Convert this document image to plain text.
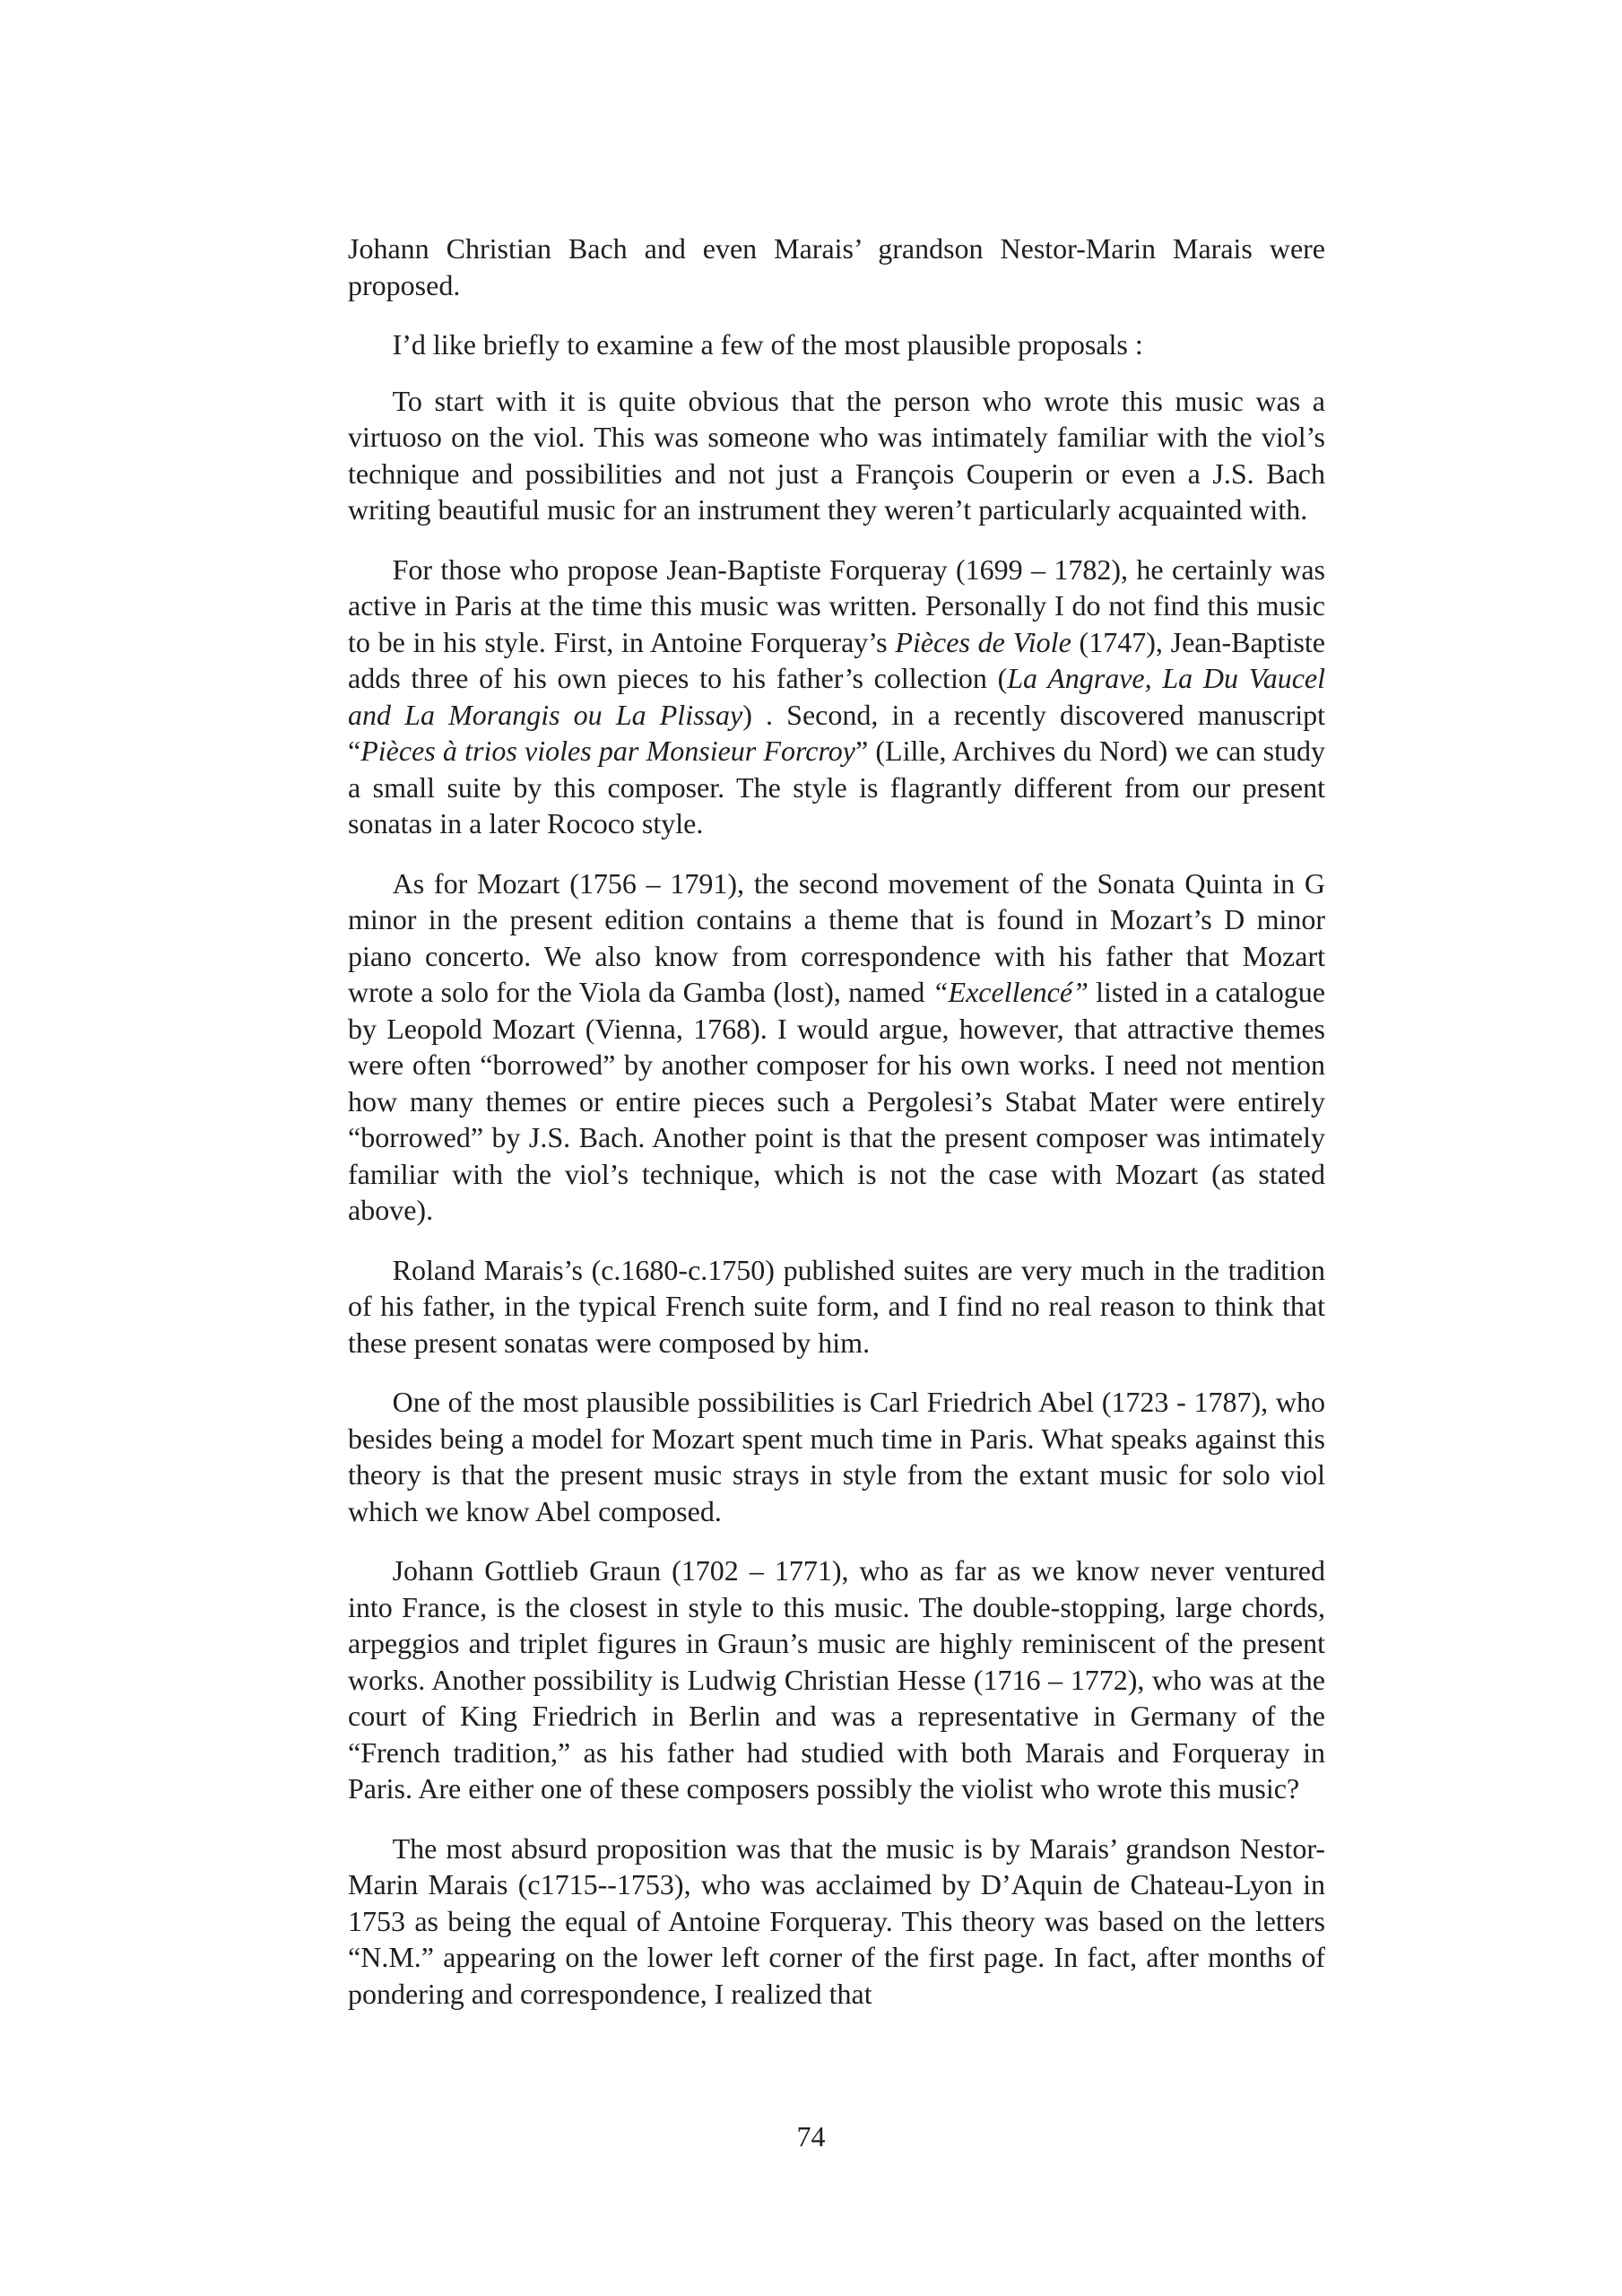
Johann Christian Bach and even Marais’ grandson Nestor-Marin Marais were proposed.

I’d like briefly to examine a few of the most plausible proposals :

To start with it is quite obvious that the person who wrote this music was a virtuoso on the viol. This was someone who was intimately familiar with the viol’s technique and possibilities and not just a François Couperin or even a J.S. Bach writing beautiful music for an instrument they weren’t particularly acquainted with.

For those who propose Jean-Baptiste Forqueray (1699 – 1782), he certainly was active in Paris at the time this music was written. Personally I do not find this music to be in his style. First, in Antoine Forqueray’s Pièces de Viole (1747), Jean-Baptiste adds three of his own pieces to his father’s collection (La Angrave, La Du Vaucel and La Morangis ou La Plissay) . Second, in a recently discovered manuscript “Pièces à trios violes par Monsieur Forcroy” (Lille, Archives du Nord) we can study a small suite by this composer. The style is flagrantly different from our present sonatas in a later Rococo style.

As for Mozart (1756 – 1791), the second movement of the Sonata Quinta in G minor in the present edition contains a theme that is found in Mozart’s D minor piano concerto. We also know from correspondence with his father that Mozart wrote a solo for the Viola da Gamba (lost), named “Excellencé” listed in a catalogue by Leopold Mozart (Vienna, 1768). I would argue, however, that attractive themes were often “borrowed” by another composer for his own works. I need not mention how many themes or entire pieces such a Pergolesi’s Stabat Mater were entirely “borrowed” by J.S. Bach. Another point is that the present composer was intimately familiar with the viol’s technique, which is not the case with Mozart (as stated above).

Roland Marais’s (c.1680-c.1750) published suites are very much in the tradition of his father, in the typical French suite form, and I find no real reason to think that these present sonatas were composed by him.

One of the most plausible possibilities is Carl Friedrich Abel (1723 - 1787), who besides being a model for Mozart spent much time in Paris. What speaks against this theory is that the present music strays in style from the extant music for solo viol which we know Abel composed.

Johann Gottlieb Graun (1702 – 1771), who as far as we know never ventured into France, is the closest in style to this music. The double-stopping, large chords, arpeggios and triplet figures in Graun’s music are highly reminiscent of the present works. Another possibility is Ludwig Christian Hesse (1716 – 1772), who was at the court of King Friedrich in Berlin and was a representative in Germany of the “French tradition,” as his father had studied with both Marais and Forqueray in Paris. Are either one of these composers possibly the violist who wrote this music?

The most absurd proposition was that the music is by Marais’ grandson Nestor-Marin Marais (c1715--1753), who was acclaimed by D’Aquin de Chateau-Lyon in 1753 as being the equal of Antoine Forqueray. This theory was based on the letters “N.M.” appearing on the lower left corner of the first page. In fact, after months of pondering and correspondence, I realized that

74
